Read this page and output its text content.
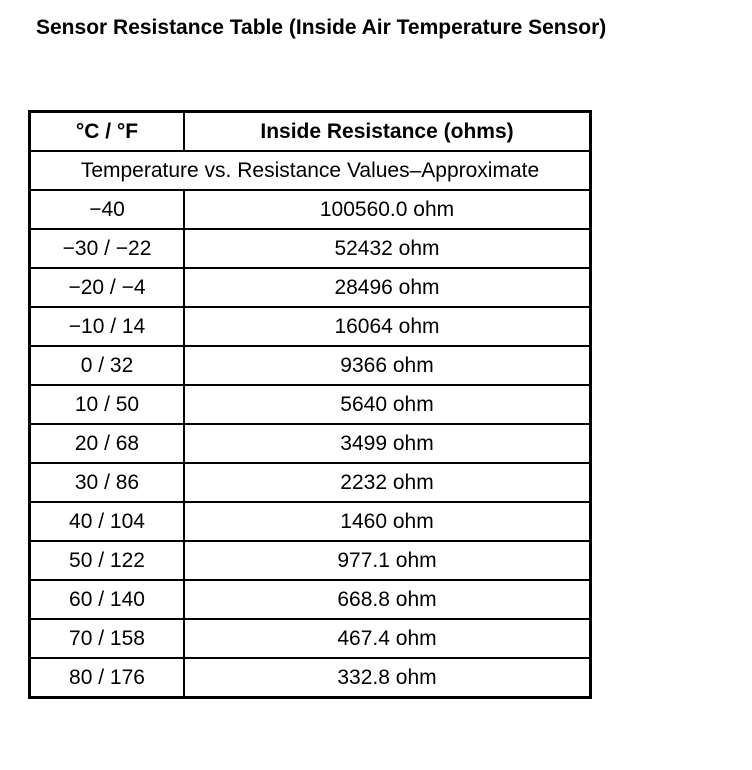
Sensor Resistance Table (Inside Air Temperature Sensor)
°C / °F	Inside Resistance (ohms)
Temperature vs. Resistance Values–Approximate	
−40	100560.0 ohm
−30 / −22	52432 ohm
−20 / −4	28496 ohm
−10 / 14	16064 ohm
0 / 32	9366 ohm
10 / 50	5640 ohm
20 / 68	3499 ohm
30 / 86	2232 ohm
40 / 104	1460 ohm
50 / 122	977.1 ohm
60 / 140	668.8 ohm
70 / 158	467.4 ohm
80 / 176	332.8 ohm
